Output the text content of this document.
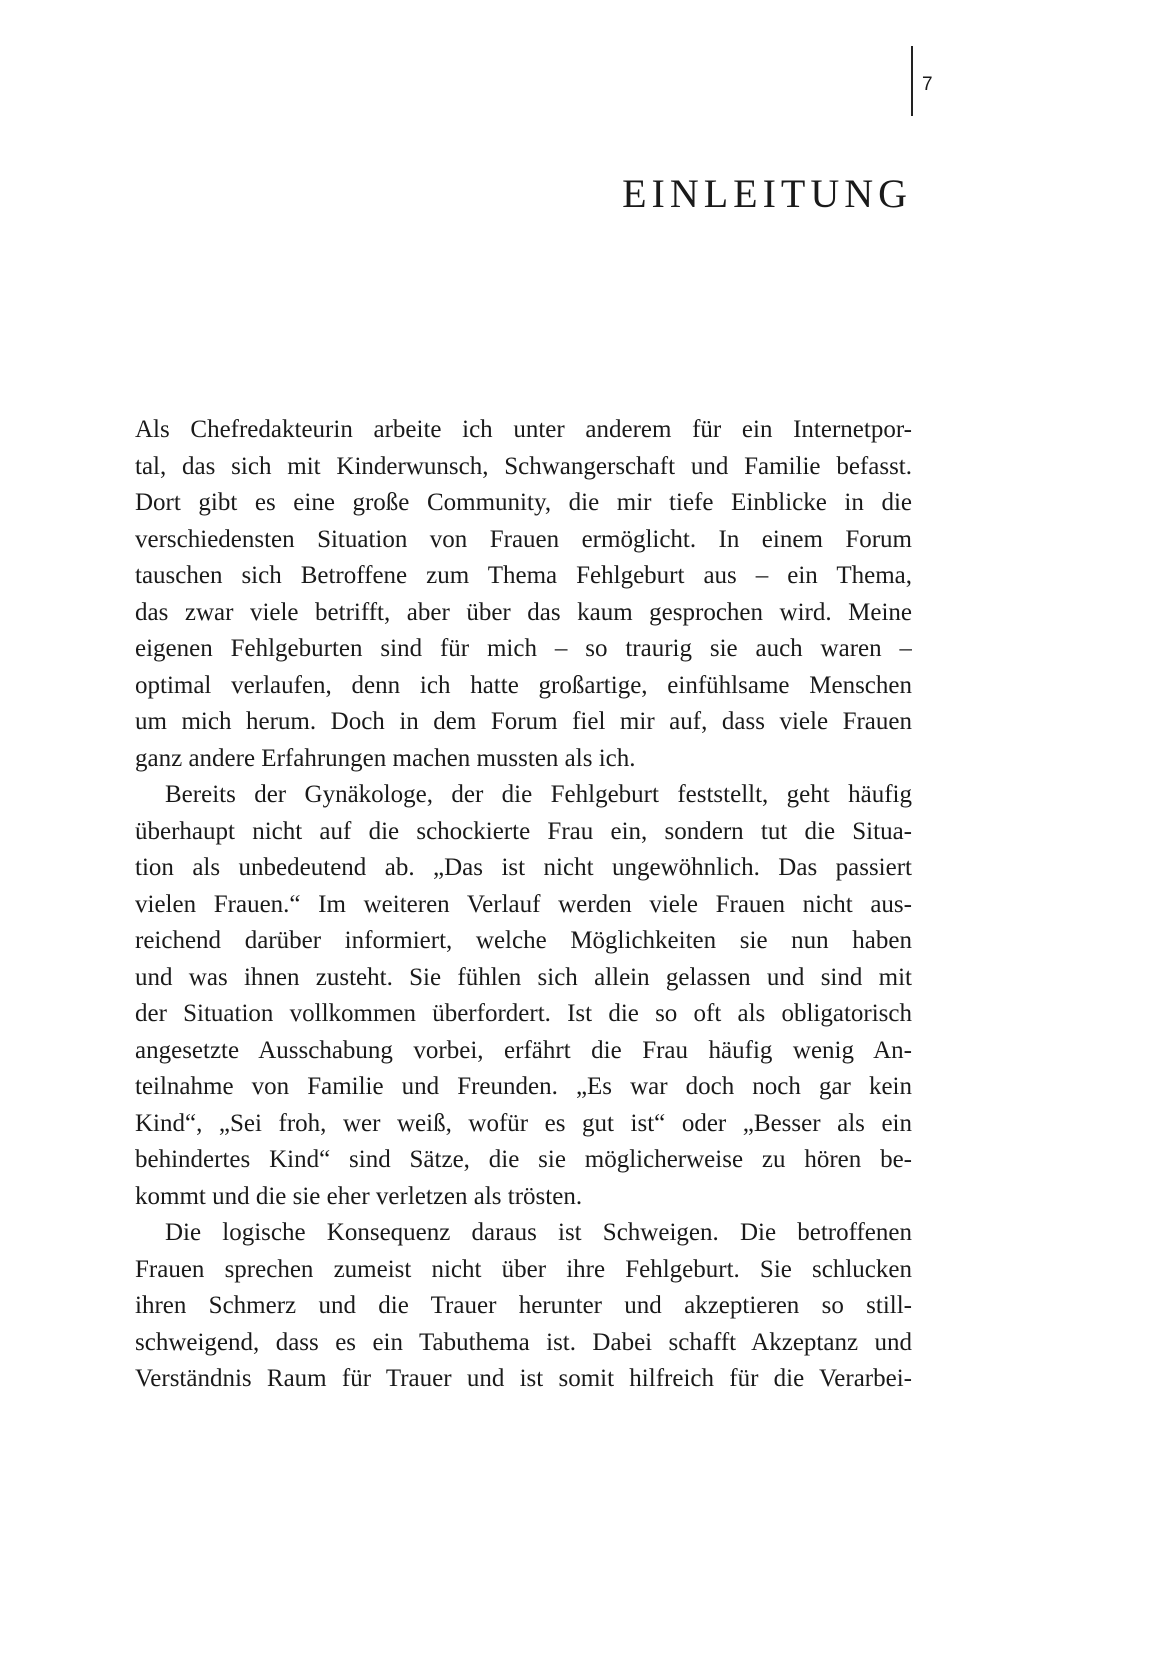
7
EINLEITUNG
Als Chefredakteurin arbeite ich unter anderem für ein Internetpor-
tal, das sich mit Kinderwunsch, Schwangerschaft und Familie befasst.
Dort gibt es eine große Community, die mir tiefe Einblicke in die
verschiedensten Situation von Frauen ermöglicht. In einem Forum
tauschen sich Betroffene zum Thema Fehlgeburt aus – ein Thema,
das zwar viele betrifft, aber über das kaum gesprochen wird. Meine
eigenen Fehlgeburten sind für mich – so traurig sie auch waren –
optimal verlaufen, denn ich hatte großartige, einfühlsame Menschen
um mich herum. Doch in dem Forum fiel mir auf, dass viele Frauen
ganz andere Erfahrungen machen mussten als ich.
Bereits der Gynäkologe, der die Fehlgeburt feststellt, geht häufig
überhaupt nicht auf die schockierte Frau ein, sondern tut die Situa-
tion als unbedeutend ab. „Das ist nicht ungewöhnlich. Das passiert
vielen Frauen.“ Im weiteren Verlauf werden viele Frauen nicht aus-
reichend darüber informiert, welche Möglichkeiten sie nun haben
und was ihnen zusteht. Sie fühlen sich allein gelassen und sind mit
der Situation vollkommen überfordert. Ist die so oft als obligatorisch
angesetzte Ausschabung vorbei, erfährt die Frau häufig wenig An-
teilnahme von Familie und Freunden. „Es war doch noch gar kein
Kind“, „Sei froh, wer weiß, wofür es gut ist“ oder „Besser als ein
behindertes Kind“ sind Sätze, die sie möglicherweise zu hören be-
kommt und die sie eher verletzen als trösten.
Die logische Konsequenz daraus ist Schweigen. Die betroffenen
Frauen sprechen zumeist nicht über ihre Fehlgeburt. Sie schlucken
ihren Schmerz und die Trauer herunter und akzeptieren so still-
schweigend, dass es ein Tabuthema ist. Dabei schafft Akzeptanz und
Verständnis Raum für Trauer und ist somit hilfreich für die Verarbei-
